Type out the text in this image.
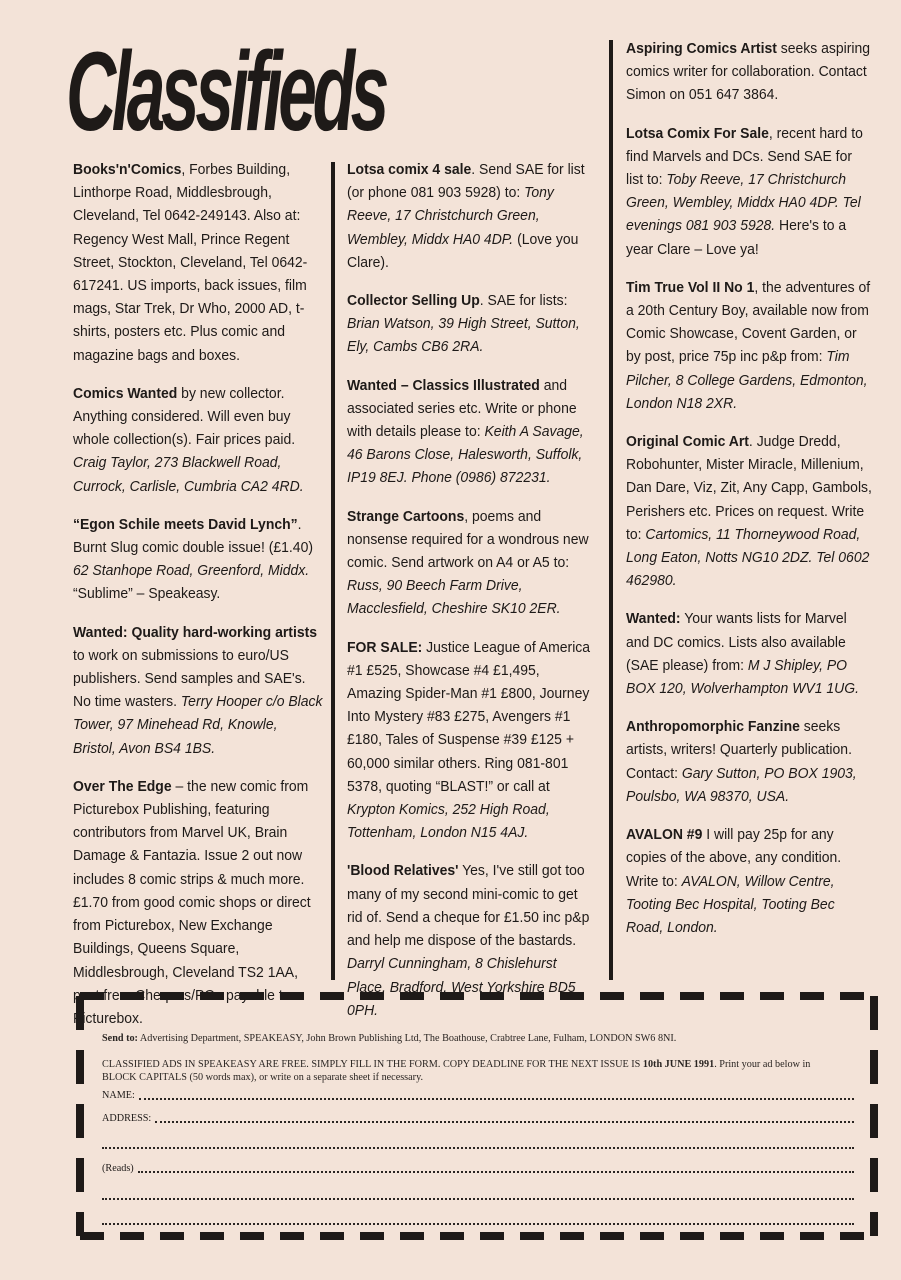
Classifieds

Books'n'Comics, Forbes Building, Linthorpe Road, Middlesbrough, Cleveland, Tel 0642-249143. Also at: Regency West Mall, Prince Regent Street, Stockton, Cleveland, Tel 0642-617241. US imports, back issues, film mags, Star Trek, Dr Who, 2000 AD, t-shirts, posters etc. Plus comic and magazine bags and boxes.

Comics Wanted by new collector. Anything considered. Will even buy whole collection(s). Fair prices paid. Craig Taylor, 273 Blackwell Road, Currock, Carlisle, Cumbria CA2 4RD.

“Egon Schile meets David Lynch”. Burnt Slug comic double issue! (£1.40) 62 Stanhope Road, Greenford, Middx. “Sublime” – Speakeasy.

Wanted: Quality hard-working artists to work on submissions to euro/US publishers. Send samples and SAE's. No time wasters. Terry Hooper c/o Black Tower, 97 Minehead Rd, Knowle, Bristol, Avon BS4 1BS.

Over The Edge – the new comic from Picturebox Publishing, featuring contributors from Marvel UK, Brain Damage & Fantazia. Issue 2 out now includes 8 comic strips & much more. £1.70 from good comic shops or direct from Picturebox, New Exchange Buildings, Queens Square, Middlesbrough, Cleveland TS2 1AA, post free. Cheques/POs payable to Picturebox.

Lotsa comix 4 sale. Send SAE for list (or phone 081 903 5928) to: Tony Reeve, 17 Christchurch Green, Wembley, Middx HA0 4DP. (Love you Clare).

Collector Selling Up. SAE for lists: Brian Watson, 39 High Street, Sutton, Ely, Cambs CB6 2RA.

Wanted – Classics Illustrated and associated series etc. Write or phone with details please to: Keith A Savage, 46 Barons Close, Halesworth, Suffolk, IP19 8EJ. Phone (0986) 872231.

Strange Cartoons, poems and nonsense required for a wondrous new comic. Send artwork on A4 or A5 to: Russ, 90 Beech Farm Drive, Macclesfield, Cheshire SK10 2ER.

FOR SALE: Justice League of America #1 £525, Showcase #4 £1,495, Amazing Spider-Man #1 £800, Journey Into Mystery #83 £275, Avengers #1 £180, Tales of Suspense #39 £125 + 60,000 similar others. Ring 081-801 5378, quoting “BLAST!” or call at Krypton Komics, 252 High Road, Tottenham, London N15 4AJ.

'Blood Relatives' Yes, I've still got too many of my second mini-comic to get rid of. Send a cheque for £1.50 inc p&p and help me dispose of the bastards. Darryl Cunningham, 8 Chislehurst Place, Bradford, West Yorkshire BD5 0PH.

Aspiring Comics Artist seeks aspiring comics writer for collaboration. Contact Simon on 051 647 3864.

Lotsa Comix For Sale, recent hard to find Marvels and DCs. Send SAE for list to: Toby Reeve, 17 Christchurch Green, Wembley, Middx HA0 4DP. Tel evenings 081 903 5928. Here's to a year Clare – Love ya!

Tim True Vol II No 1, the adventures of a 20th Century Boy, available now from Comic Showcase, Covent Garden, or by post, price 75p inc p&p from: Tim Pilcher, 8 College Gardens, Edmonton, London N18 2XR.

Original Comic Art. Judge Dredd, Robohunter, Mister Miracle, Millenium, Dan Dare, Viz, Zit, Any Capp, Gambols, Perishers etc. Prices on request. Write to: Cartomics, 11 Thorneywood Road, Long Eaton, Notts NG10 2DZ. Tel 0602 462980.

Wanted: Your wants lists for Marvel and DC comics. Lists also available (SAE please) from: M J Shipley, PO BOX 120, Wolverhampton WV1 1UG.

Anthropomorphic Fanzine seeks artists, writers! Quarterly publication. Contact: Gary Sutton, PO BOX 1903, Poulsbo, WA 98370, USA.

AVALON #9 I will pay 25p for any copies of the above, any condition. Write to: AVALON, Willow Centre, Tooting Bec Hospital, Tooting Bec Road, London.

Send to: Advertising Department, SPEAKEASY, John Brown Publishing Ltd, The Boathouse, Crabtree Lane, Fulham, LONDON SW6 8NI.
CLASSIFIED ADS IN SPEAKEASY ARE FREE. SIMPLY FILL IN THE FORM. COPY DEADLINE FOR THE NEXT ISSUE IS 10th JUNE 1991. Print your ad below in BLOCK CAPITALS (50 words max), or write on a separate sheet if necessary.
NAME:
ADDRESS:
(Reads)
